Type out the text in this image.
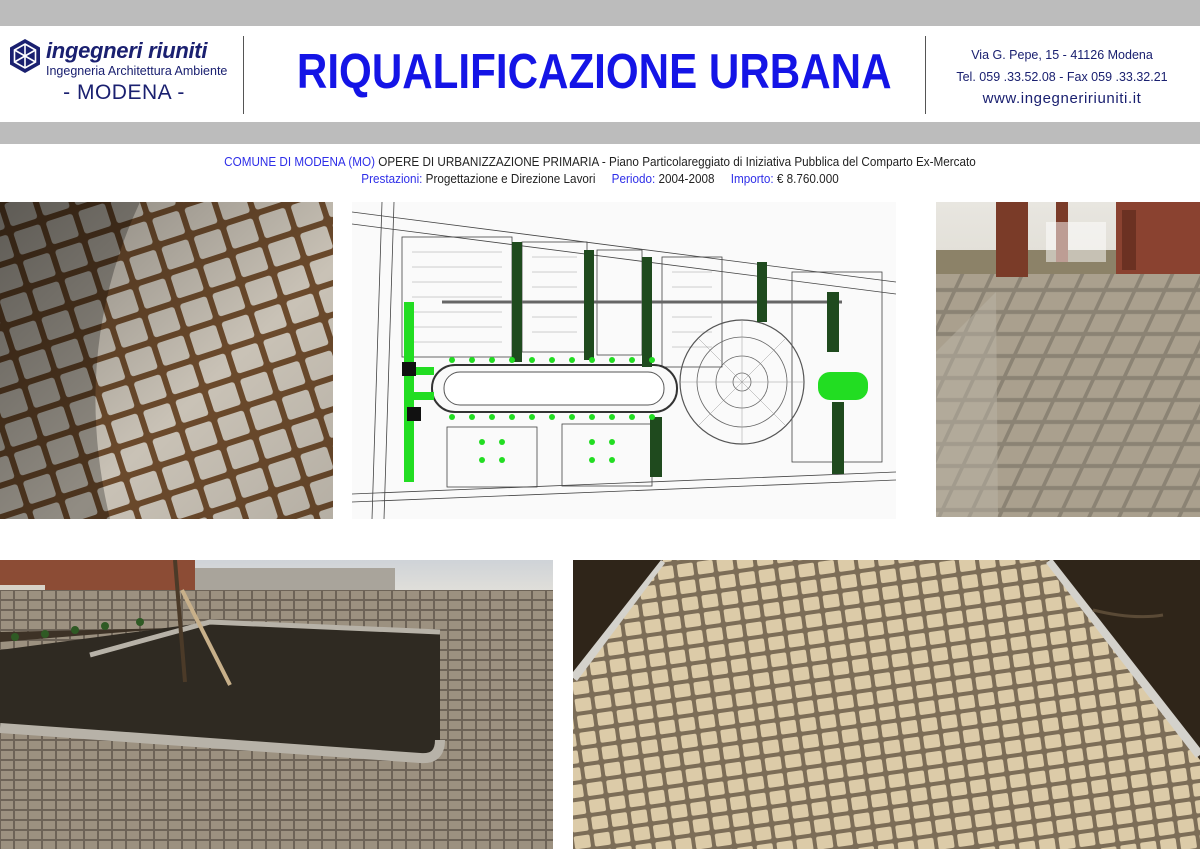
ingegneri riuniti
Ingegneria Architettura Ambiente
- MODENA -	RIQUALIFICAZIONE URBANA	Via G. Pepe, 15 - 41126 Modena
Tel. 059 .33.52.08 - Fax 059 .33.32.21
www.ingegneririuniti.it
COMUNE DI MODENA (MO) OPERE DI URBANIZZAZIONE PRIMARIA - Piano Particolareggiato di Iniziativa Pubblica del Comparto Ex-Mercato
Prestazioni: Progettazione e Direzione Lavori Periodo: 2004-2008 Importo: € 8.760.000
